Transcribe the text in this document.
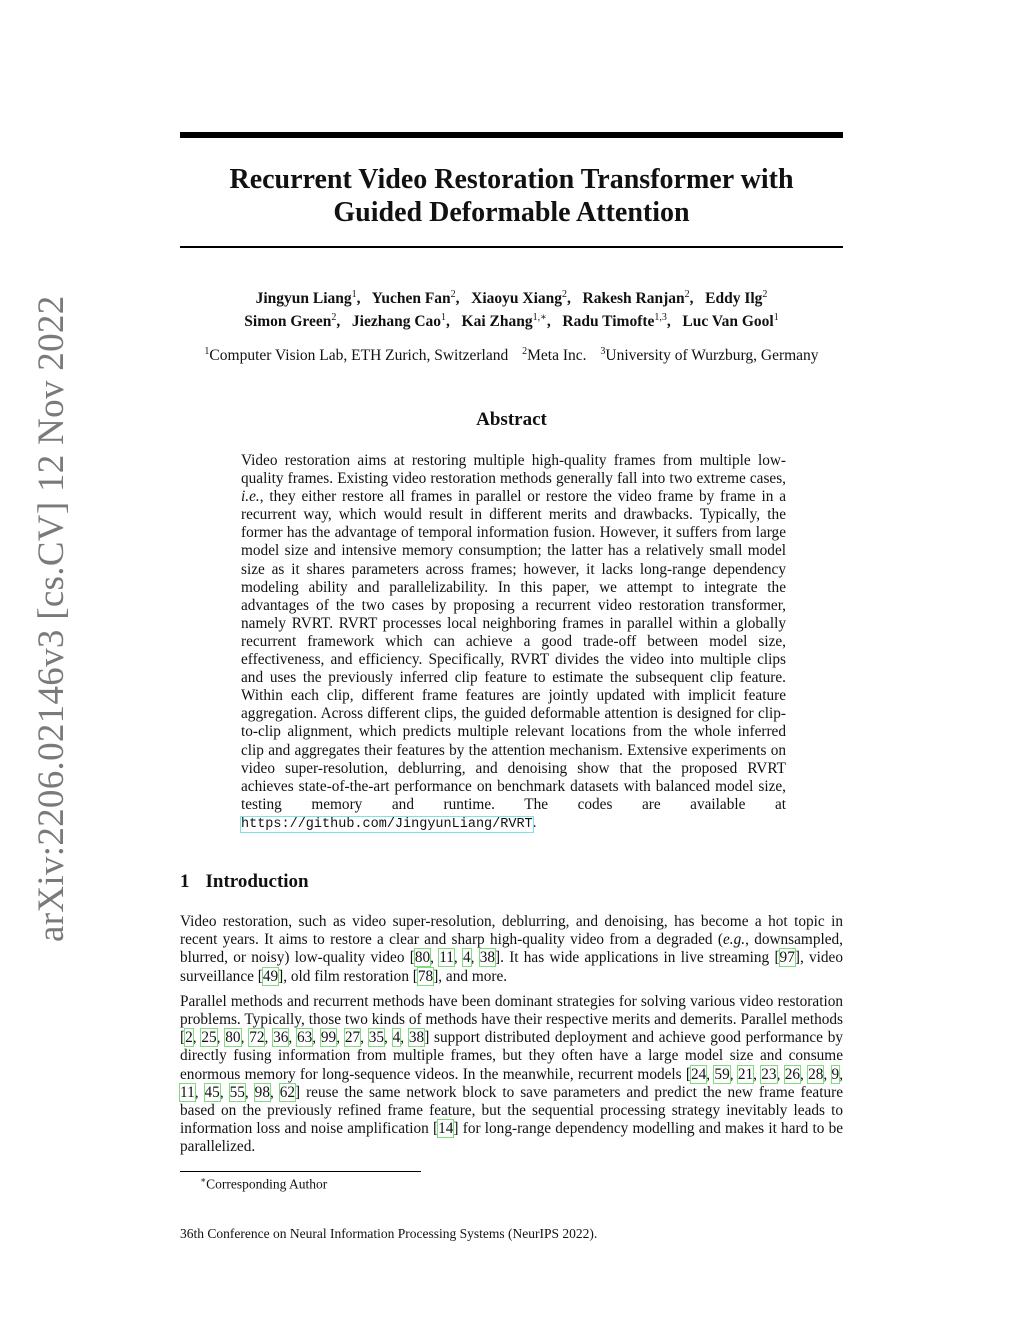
arXiv:2206.02146v3 [cs.CV] 12 Nov 2022
Recurrent Video Restoration Transformer with
Guided Deformable Attention
Jingyun Liang$^1$, Yuchen Fan$^2$, Xiaoyu Xiang$^2$, Rakesh Ranjan$^2$, Eddy Ilg$^2$
Simon Green$^2$, Jiezhang Cao$^1$, Kai Zhang$^{1,∗}$, Radu Timofte$^{1,3}$, Luc Van Gool$^1$
$^1$Computer Vision Lab, ETH Zurich, Switzerland $^2$Meta Inc. $^3$University of Wurzburg, Germany
Abstract

Video restoration aims at restoring multiple high-quality frames from multiple low-quality frames. Existing video restoration methods generally fall into two extreme cases, i.e., they either restore all frames in parallel or restore the video frame by frame in a recurrent way, which would result in different merits and drawbacks. Typically, the former has the advantage of temporal information fusion. However, it suffers from large model size and intensive memory consumption; the latter has a relatively small model size as it shares parameters across frames; however, it lacks long-range dependency modeling ability and parallelizability. In this paper, we attempt to integrate the advantages of the two cases by proposing a recurrent video restoration transformer, namely RVRT. RVRT processes local neighboring frames in parallel within a globally recurrent framework which can achieve a good trade-off between model size, effectiveness, and efficiency. Specifically, RVRT divides the video into multiple clips and uses the previously inferred clip feature to estimate the subsequent clip feature. Within each clip, different frame features are jointly updated with implicit feature aggregation. Across different clips, the guided deformable attention is designed for clip-to-clip alignment, which predicts multiple relevant locations from the whole inferred clip and aggregates their features by the attention mechanism. Extensive experiments on video super-resolution, deblurring, and denoising show that the proposed RVRT achieves state-of-the-art performance on benchmark datasets with balanced model size, testing memory and runtime. The codes are available at https://github.com/JingyunLiang/RVRT.

1 Introduction

Video restoration, such as video super-resolution, deblurring, and denoising, has become a hot topic in recent years. It aims to restore a clear and sharp high-quality video from a degraded (e.g., downsampled, blurred, or noisy) low-quality video [80, 11, 4, 38]. It has wide applications in live streaming [97], video surveillance [49], old film restoration [78], and more.

Parallel methods and recurrent methods have been dominant strategies for solving various video restoration problems. Typically, those two kinds of methods have their respective merits and demerits. Parallel methods [2, 25, 80, 72, 36, 63, 99, 27, 35, 4, 38] support distributed deployment and achieve good performance by directly fusing information from multiple frames, but they often have a large model size and consume enormous memory for long-sequence videos. In the meanwhile, recurrent models [24, 59, 21, 23, 26, 28, 9, 11, 45, 55, 98, 62] reuse the same network block to save parameters and predict the new frame feature based on the previously refined frame feature, but the sequential processing strategy inevitably leads to information loss and noise amplification [14] for long-range dependency modelling and makes it hard to be parallelized.

∗Corresponding Author
36th Conference on Neural Information Processing Systems (NeurIPS 2022).
